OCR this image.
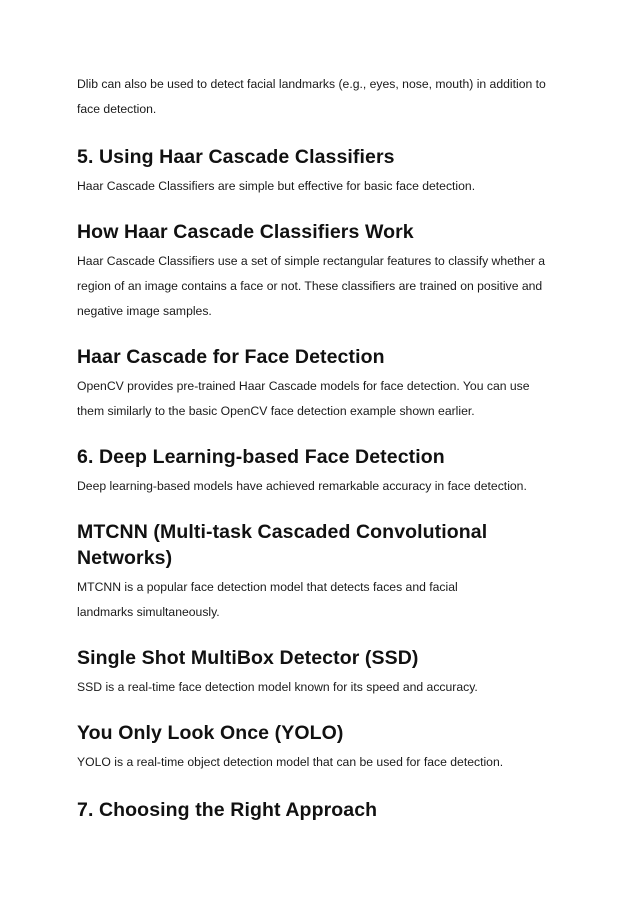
Dlib can also be used to detect facial landmarks (e.g., eyes, nose, mouth) in addition to face detection.

5. Using Haar Cascade Classifiers

Haar Cascade Classifiers are simple but effective for basic face detection.

How Haar Cascade Classifiers Work

Haar Cascade Classifiers use a set of simple rectangular features to classify whether a region of an image contains a face or not. These classifiers are trained on positive and negative image samples.

Haar Cascade for Face Detection

OpenCV provides pre-trained Haar Cascade models for face detection. You can use them similarly to the basic OpenCV face detection example shown earlier.

6. Deep Learning-based Face Detection

Deep learning-based models have achieved remarkable accuracy in face detection.

MTCNN (Multi-task Cascaded Convolutional Networks)

MTCNN is a popular face detection model that detects faces and facial landmarks simultaneously.

Single Shot MultiBox Detector (SSD)

SSD is a real-time face detection model known for its speed and accuracy.

You Only Look Once (YOLO)

YOLO is a real-time object detection model that can be used for face detection.

7. Choosing the Right Approach
